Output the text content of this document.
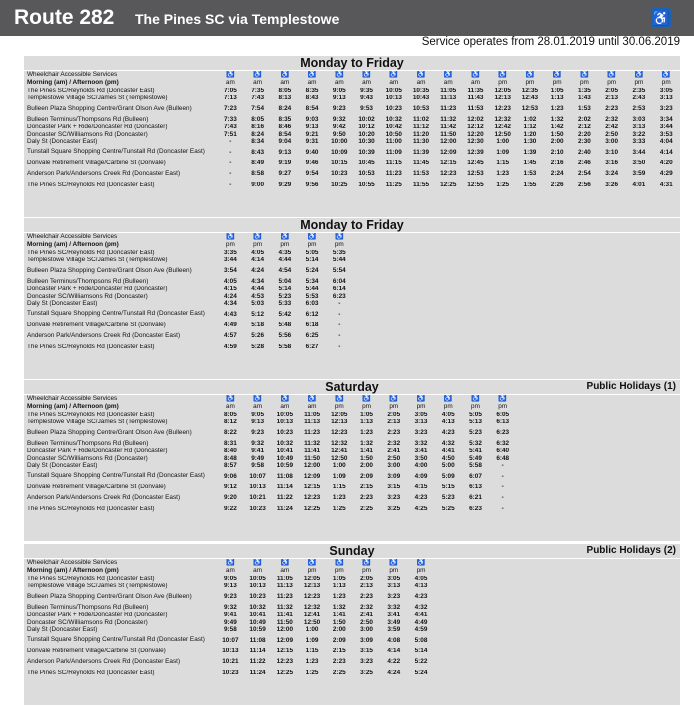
Route 282 The Pines SC via Templestowe	♿
Service operates from 28.01.2019 until 30.06.2019
Monday to Friday
Wheelchair Accessible Services	♿	♿	♿	♿	♿	♿	♿	♿	♿	♿	♿	♿	♿	♿	♿	♿	♿
Morning (am) / Afternoon (pm)	am	am	am	am	am	am	am	am	am	am	pm	pm	pm	pm	pm	pm	pm
The Pines SC/Reynolds Rd (Doncaster East)	7:05	7:35	8:05	8:35	9:05	9:35	10:05	10:35	11:05	11:35	12:05	12:35	1:05	1:35	2:05	2:35	3:05
Templestowe Village SC/James St (Templestowe)	7:13	7:43	8:13	8:43	9:13	9:43	10:13	10:43	11:13	11:43	12:13	12:43	1:13	1:43	2:13	2:43	3:13
Bulleen Plaza Shopping Centre/Grant Olson Ave (Bulleen)	7:23	7:54	8:24	8:54	9:23	9:53	10:23	10:53	11:23	11:53	12:23	12:53	1:23	1:53	2:23	2:53	3:23
Bulleen Terminus/Thompsons Rd (Bulleen)	7:33	8:05	8:35	9:03	9:32	10:02	10:32	11:02	11:32	12:02	12:32	1:02	1:32	2:02	2:32	3:03	3:34
Doncaster Park + Ride/Doncaster Rd (Doncaster)	7:43	8:16	8:46	9:13	9:42	10:12	10:42	11:12	11:42	12:12	12:42	1:12	1:42	2:12	2:42	3:13	3:44
Doncaster SC/Williamsons Rd (Doncaster)	7:51	8:24	8:54	9:21	9:50	10:20	10:50	11:20	11:50	12:20	12:50	1:20	1:50	2:20	2:50	3:22	3:53
Daly St (Doncaster East)	-	8:34	9:04	9:31	10:00	10:30	11:00	11:30	12:00	12:30	1:00	1:30	2:00	2:30	3:00	3:33	4:04
Tunstall Square Shopping Centre/Tunstall Rd (Doncaster East)	-	8:43	9:13	9:40	10:09	10:39	11:09	11:39	12:09	12:39	1:09	1:39	2:10	2:40	3:10	3:44	4:14
Donvale Retirement Village/Carbine St (Donvale)	-	8:49	9:19	9:46	10:15	10:45	11:15	11:45	12:15	12:45	1:15	1:45	2:16	2:46	3:16	3:50	4:20
Anderson Park/Andersons Creek Rd (Doncaster East)	-	8:58	9:27	9:54	10:23	10:53	11:23	11:53	12:23	12:53	1:23	1:53	2:24	2:54	3:24	3:59	4:29
The Pines SC/Reynolds Rd (Doncaster East)	-	9:00	9:29	9:56	10:25	10:55	11:25	11:55	12:25	12:55	1:25	1:55	2:26	2:56	3:26	4:01	4:31
Monday to Friday
Wheelchair Accessible Services	♿	♿	♿	♿	♿												
Morning (am) / Afternoon (pm)	pm	pm	pm	pm	pm												
The Pines SC/Reynolds Rd (Doncaster East)	3:35	4:05	4:35	5:05	5:35												
Templestowe Village SC/James St (Templestowe)	3:44	4:14	4:44	5:14	5:44												
Bulleen Plaza Shopping Centre/Grant Olson Ave (Bulleen)	3:54	4:24	4:54	5:24	5:54												
Bulleen Terminus/Thompsons Rd (Bulleen)	4:05	4:34	5:04	5:34	6:04												
Doncaster Park + Ride/Doncaster Rd (Doncaster)	4:15	4:44	5:14	5:44	6:14												
Doncaster SC/Williamsons Rd (Doncaster)	4:24	4:53	5:23	5:53	6:23												
Daly St (Doncaster East)	4:34	5:03	5:33	6:03	-												
Tunstall Square Shopping Centre/Tunstall Rd (Doncaster East)	4:43	5:12	5:42	6:12	-												
Donvale Retirement Village/Carbine St (Donvale)	4:49	5:18	5:48	6:18	-												
Anderson Park/Andersons Creek Rd (Doncaster East)	4:57	5:26	5:56	6:25	-												
The Pines SC/Reynolds Rd (Doncaster East)	4:59	5:28	5:58	6:27	-												
Saturday	Public Holidays (1)
Wheelchair Accessible Services	♿	♿	♿	♿	♿	♿	♿	♿	♿	♿	♿						
Morning (am) / Afternoon (pm)	am	am	am	am	pm	pm	pm	pm	pm	pm	pm						
The Pines SC/Reynolds Rd (Doncaster East)	8:05	9:05	10:05	11:05	12:05	1:05	2:05	3:05	4:05	5:05	6:05						
Templestowe Village SC/James St (Templestowe)	8:12	9:13	10:13	11:13	12:13	1:13	2:13	3:13	4:13	5:13	6:13						
Bulleen Plaza Shopping Centre/Grant Olson Ave (Bulleen)	8:22	9:23	10:23	11:23	12:23	1:23	2:23	3:23	4:23	5:23	6:23						
Bulleen Terminus/Thompsons Rd (Bulleen)	8:31	9:32	10:32	11:32	12:32	1:32	2:32	3:32	4:32	5:32	6:32						
Doncaster Park + Ride/Doncaster Rd (Doncaster)	8:40	9:41	10:41	11:41	12:41	1:41	2:41	3:41	4:41	5:41	6:40						
Doncaster SC/Williamsons Rd (Doncaster)	8:48	9:49	10:49	11:50	12:50	1:50	2:50	3:50	4:50	5:49	6:48						
Daly St (Doncaster East)	8:57	9:58	10:59	12:00	1:00	2:00	3:00	4:00	5:00	5:58	-						
Tunstall Square Shopping Centre/Tunstall Rd (Doncaster East)	9:06	10:07	11:08	12:09	1:09	2:09	3:09	4:09	5:09	6:07	-						
Donvale Retirement Village/Carbine St (Donvale)	9:12	10:13	11:14	12:15	1:15	2:15	3:15	4:15	5:15	6:13	-						
Anderson Park/Andersons Creek Rd (Doncaster East)	9:20	10:21	11:22	12:23	1:23	2:23	3:23	4:23	5:23	6:21	-						
The Pines SC/Reynolds Rd (Doncaster East)	9:22	10:23	11:24	12:25	1:25	2:25	3:25	4:25	5:25	6:23	-						
Sunday	Public Holidays (2)
Wheelchair Accessible Services	♿	♿	♿	♿	♿	♿	♿	♿									
Morning (am) / Afternoon (pm)	am	am	am	pm	pm	pm	pm	pm									
The Pines SC/Reynolds Rd (Doncaster East)	9:05	10:05	11:05	12:05	1:05	2:05	3:05	4:05									
Templestowe Village SC/James St (Templestowe)	9:13	10:13	11:13	12:13	1:13	2:13	3:13	4:13									
Bulleen Plaza Shopping Centre/Grant Olson Ave (Bulleen)	9:23	10:23	11:23	12:23	1:23	2:23	3:23	4:23									
Bulleen Terminus/Thompsons Rd (Bulleen)	9:32	10:32	11:32	12:32	1:32	2:32	3:32	4:32									
Doncaster Park + Ride/Doncaster Rd (Doncaster)	9:41	10:41	11:41	12:41	1:41	2:41	3:41	4:41									
Doncaster SC/Williamsons Rd (Doncaster)	9:49	10:49	11:50	12:50	1:50	2:50	3:49	4:49									
Daly St (Doncaster East)	9:58	10:59	12:00	1:00	2:00	3:00	3:59	4:59									
Tunstall Square Shopping Centre/Tunstall Rd (Doncaster East)	10:07	11:08	12:09	1:09	2:09	3:09	4:08	5:08									
Donvale Retirement Village/Carbine St (Donvale)	10:13	11:14	12:15	1:15	2:15	3:15	4:14	5:14									
Anderson Park/Andersons Creek Rd (Doncaster East)	10:21	11:22	12:23	1:23	2:23	3:23	4:22	5:22									
The Pines SC/Reynolds Rd (Doncaster East)	10:23	11:24	12:25	1:25	2:25	3:25	4:24	5:24									
